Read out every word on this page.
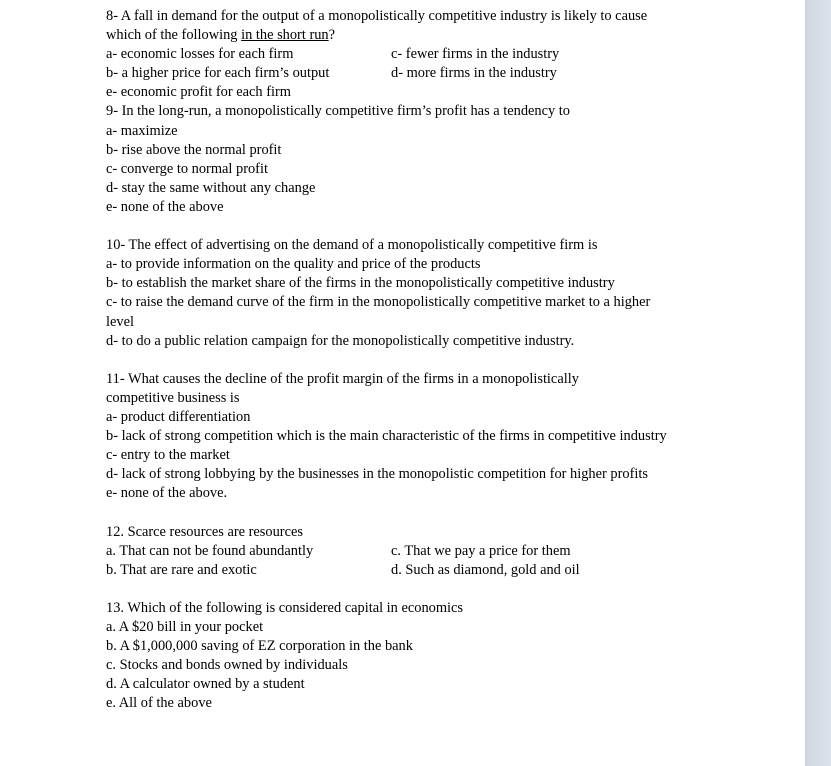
8- A fall in demand for the output of a monopolistically competitive industry is likely to cause which of the following in the short run?
a- economic losses for each firm	c- fewer firms in the industry
b- a higher price for each firm’s output	d- more firms in the industry
e- economic profit for each firm
9- In the long-run, a monopolistically competitive firm’s profit has a tendency to
a- maximize
b- rise above the normal profit
c- converge to normal profit
d- stay the same without any change
e- none of the above
10- The effect of advertising on the demand of a monopolistically competitive firm is
a- to provide information on the quality and price of the products
b- to establish the market share of the firms in the monopolistically competitive industry
c- to raise the demand curve of the firm in the monopolistically competitive market to a higher level
d- to do a public relation campaign for the monopolistically competitive industry.
11- What causes the decline of the profit margin of the firms in a monopolistically competitive business is
a- product differentiation
b- lack of strong competition which is the main characteristic of the firms in competitive industry
c- entry to the market
d- lack of strong lobbying by the businesses in the monopolistic competition for higher profits
e- none of the above.
12. Scarce resources are resources
a. That can not be found abundantly	c. That we pay a price for them
b. That are rare and exotic	d. Such as diamond, gold and oil
13. Which of the following is considered capital in economics
a. A $20 bill in your pocket
b. A $1,000,000 saving of EZ corporation in the bank
c. Stocks and bonds owned by individuals
d. A calculator owned by a student
e. All of the above
